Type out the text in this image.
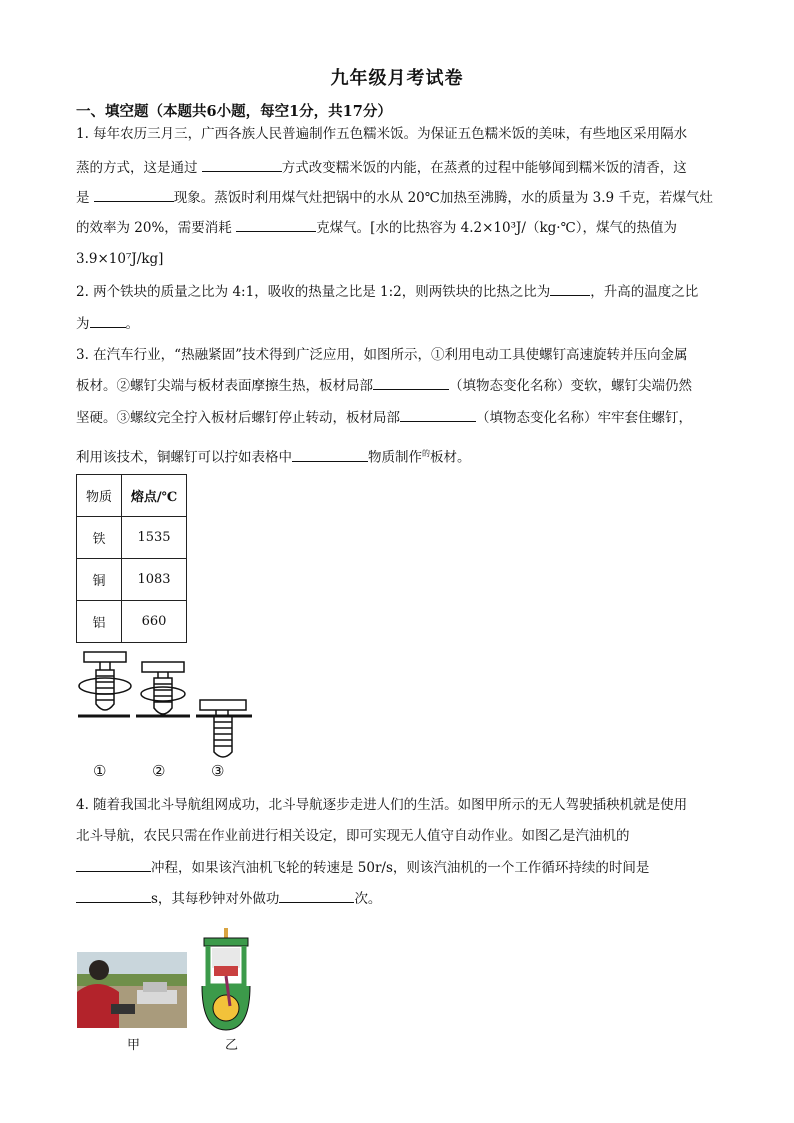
九年级月考试卷
一、填空题（本题共6小题，每空1分，共17分）
1. 每年农历三月三，广西各族人民普遍制作五色糯米饭。为保证五色糯米饭的美味，有些地区采用隔水
蒸的方式，这是通过	方式改变糯米饭的内能，在蒸煮的过程中能够闻到糯米饭的清香，这
是	现象。蒸饭时利用煤气灶把锅中的水从 20℃加热至沸腾，水的质量为 3.9 千克，若煤气灶
的效率为 20%，需要消耗	克煤气。[水的比热容为 4.2×10³J/（kg·℃），煤气的热值为
3.9×10⁷J/kg]
2. 两个铁块的质量之比为 4:1，吸收的热量之比是 1:2，则两铁块的比热之比为	，升高的温度之比
为	。
3. 在汽车行业，“热融紧固”技术得到广泛应用，如图所示，①利用电动工具使螺钉高速旋转并压向金属
板材。②螺钉尖端与板材表面摩擦生热，板材局部	（填物态变化名称）变软，螺钉尖端仍然
坚硬。③螺纹完全拧入板材后螺钉停止转动，板材局部	（填物态变化名称）牢牢套住螺钉，
利用该技术，铜螺钉可以拧如表格中	物质制作$^的$板材。
物质	熔点/℃
铁	1535
铜	1083
铝	660
①	②	③
4. 随着我国北斗导航组网成功，北斗导航逐步走进人们的生活。如图甲所示的无人驾驶插秧机就是使用
北斗导航，农民只需在作业前进行相关设定，即可实现无人值守自动作业。如图乙是汽油机的
冲程，如果该汽油机飞轮的转速是 50r/s，则该汽油机的一个工作循环持续的时间是
s，其每秒钟对外做功	次。
甲	乙
